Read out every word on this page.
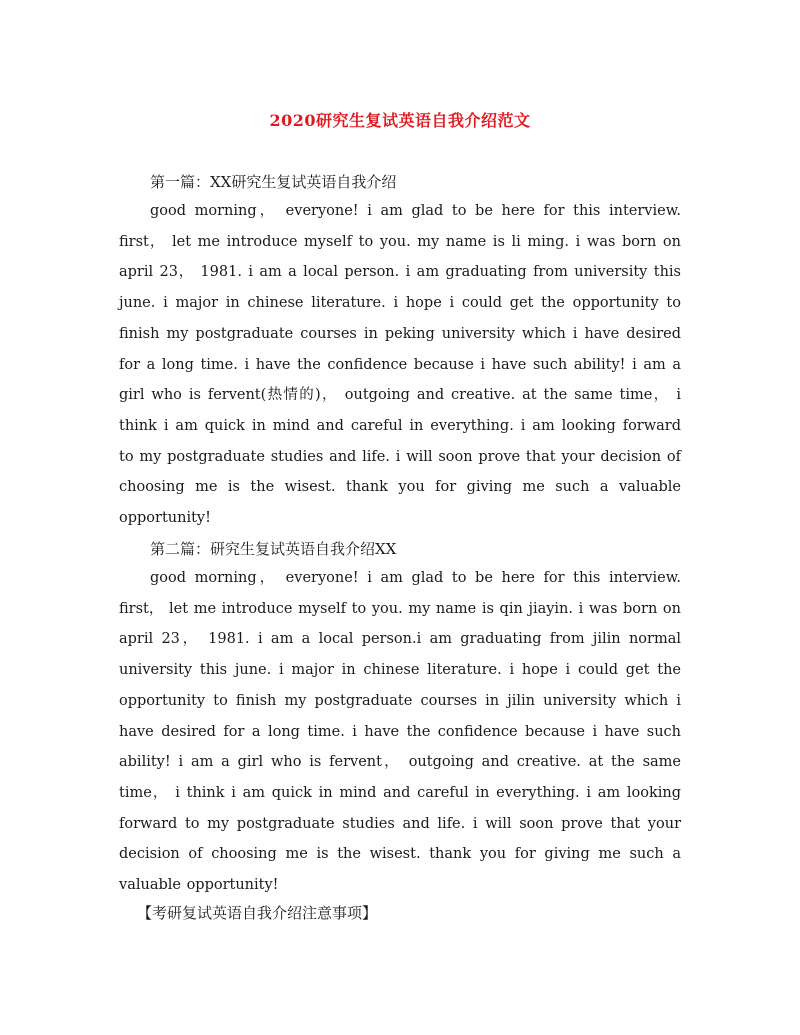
2020研究生复试英语自我介绍范文
第一篇：XX研究生复试英语自我介绍
good morning， everyone! i am glad to be here for this interview. first， let me introduce myself to you. my name is li ming. i was born on april 23， 1981. i am a local person. i am graduating from university this june. i major in chinese literature. i hope i could get the opportunity to finish my postgraduate courses in peking university which i have desired for a long time. i have the confidence because i have such ability! i am a girl who is fervent(热情的)， outgoing and creative. at the same time， i think i am quick in mind and careful in everything. i am looking forward to my postgraduate studies and life. i will soon prove that your decision of choosing me is the wisest. thank you for giving me such a valuable opportunity!
第二篇：研究生复试英语自我介绍XX
good morning， everyone! i am glad to be here for this interview. first， let me introduce myself to you. my name is qin jiayin. i was born on april 23， 1981. i am a local person.i am graduating from jilin normal university this june. i major in chinese literature. i hope i could get the opportunity to finish my postgraduate courses in jilin university which i have desired for a long time. i have the confidence because i have such ability! i am a girl who is fervent， outgoing and creative. at the same time， i think i am quick in mind and careful in everything. i am looking forward to my postgraduate studies and life. i will soon prove that your decision of choosing me is the wisest. thank you for giving me such a valuable opportunity!
【考研复试英语自我介绍注意事项】
